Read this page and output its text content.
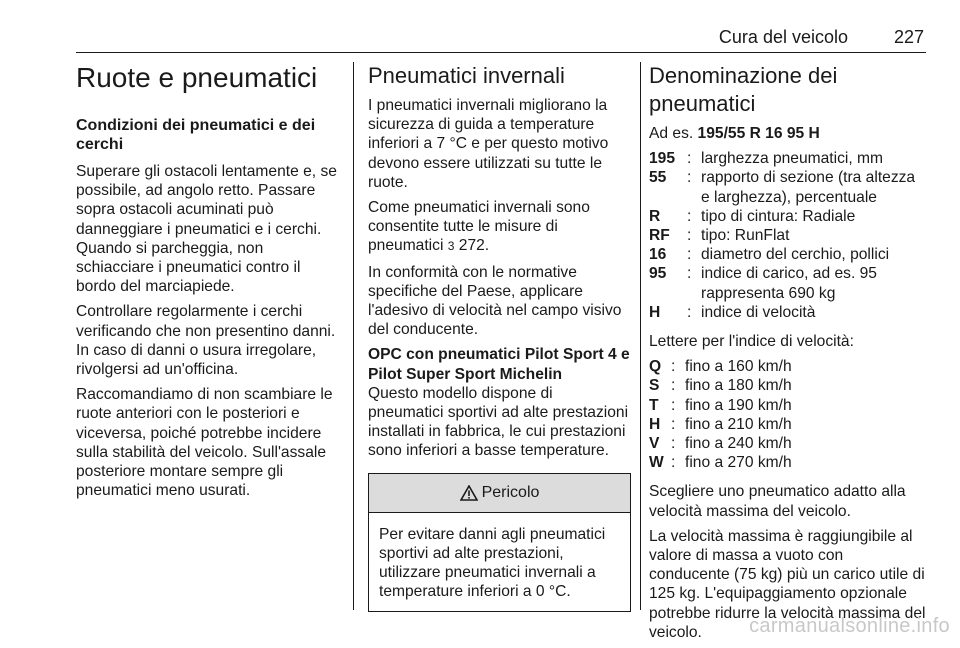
Cura del veicolo	227
Ruote e pneumatici
Condizioni dei pneumatici e dei cerchi

Superare gli ostacoli lentamente e, se possibile, ad angolo retto. Passare sopra ostacoli acuminati può danneggiare i pneumatici e i cerchi. Quando si parcheggia, non schiacciare i pneumatici contro il bordo del marciapiede.

Controllare regolarmente i cerchi verificando che non presentino danni. In caso di danni o usura irregolare, rivolgersi ad un'officina.

Raccomandiamo di non scambiare le ruote anteriori con le posteriori e viceversa, poiché potrebbe incidere sulla stabilità del veicolo. Sull'assale posteriore montare sempre gli pneumatici meno usurati.

Pneumatici invernali

I pneumatici invernali migliorano la sicurezza di guida a temperature inferiori a 7 °C e per questo motivo devono essere utilizzati su tutte le ruote.

Come pneumatici invernali sono consentite tutte le misure di pneumatici 3 272.

In conformità con le normative specifiche del Paese, applicare l'adesivo di velocità nel campo visivo del conducente.

OPC con pneumatici Pilot Sport 4 e Pilot Super Sport Michelin

Questo modello dispone di pneumatici sportivi ad alte prestazioni installati in fabbrica, le cui prestazioni sono inferiori a basse temperature.

Pericolo
Per evitare danni agli pneumatici sportivi ad alte prestazioni, utilizzare pneumatici invernali a temperature inferiori a 0 °C.
Denominazione dei pneumatici

Ad es. 195/55 R 16 95 H

195 : larghezza pneumatici, mm
55	: rapporto di sezione (tra altezza e larghezza), percentuale
R	: tipo di cintura: Radiale
RF	: tipo: RunFlat
16	: diametro del cerchio, pollici
95	: indice di carico, ad es. 95 rappresenta 690 kg
H	: indice di velocità

Lettere per l'indice di velocità:

Q : fino a 160 km/h
S : fino a 180 km/h
T : fino a 190 km/h
H : fino a 210 km/h
V : fino a 240 km/h
W : fino a 270 km/h

Scegliere uno pneumatico adatto alla velocità massima del veicolo.

La velocità massima è raggiungibile al valore di massa a vuoto con conducente (75 kg) più un carico utile di 125 kg. L'equipaggiamento opzionale potrebbe ridurre la velocità massima del veicolo.	carmanualsonline.info
